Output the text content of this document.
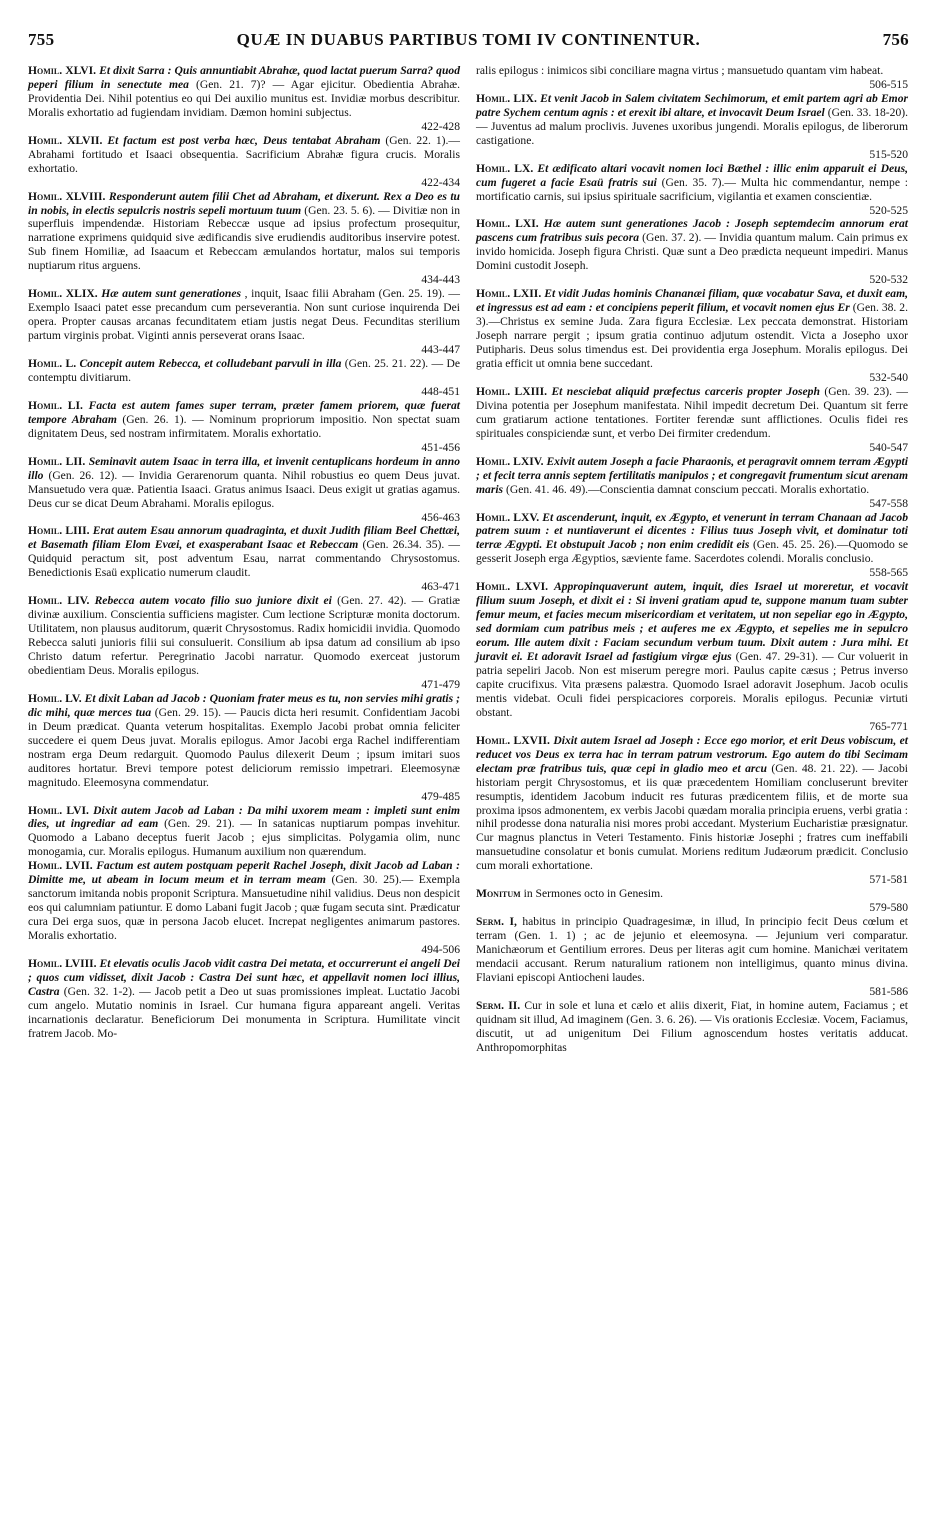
755	QUÆ IN DUABUS PARTIBUS TOMI IV CONTINENTUR.	756

Homil. XLVI. Et dixit Sarra : Quis annuntiabit Abrahæ, quod lactat puerum Sarra? quod peperi filium in senectute mea (Gen. 21. 7)? — Agar ejicitur. Obedientia Abrahæ. Providentia Dei. Nihil potentius eo qui Dei auxilio munitus est. Invidiæ morbus describitur. Moralis exhortatio ad fugiendam invidiam. Dæmon homini subjectus.
422-428

Homil. XLVII. Et factum est post verba hæc, Deus tentabat Abraham (Gen. 22. 1).— Abrahami fortitudo et Isaaci obsequentia. Sacrificium Abrahæ figura crucis. Moralis exhortatio.
422-434

Homil. XLVIII. Responderunt autem filii Chet ad Abraham, et dixerunt. Rex a Deo es tu in nobis, in electis sepulcris nostris sepeli mortuum tuum (Gen. 23. 5. 6). — Divitiæ non in superfluis impendendæ. Historiam Rebeccæ usque ad ipsius profectum prosequitur, narratione exprimens quidquid sive ædificandis sive erudiendis auditoribus inservire potest. Sub finem Homiliæ, ad Isaacum et Rebeccam æmulandos hortatur, malos sui temporis nuptiarum ritus arguens.
434-443

Homil. XLIX. Hæ autem sunt generationes , inquit, Isaac filii Abraham (Gen. 25. 19). — Exemplo Isaaci patet esse precandum cum perseverantia. Non sunt curiose inquirenda Dei opera. Propter causas arcanas fecunditatem etiam justis negat Deus. Fecunditas sterilium partum virginis probat. Viginti annis perseverat orans Isaac.
443-447

Homil. L. Concepit autem Rebecca, et colludebant parvuli in illa (Gen. 25. 21. 22). — De contemptu divitiarum.
448-451

Homil. LI. Facta est autem fames super terram, præter famem priorem, quæ fuerat tempore Abraham (Gen. 26. 1). — Nominum propriorum impositio. Non spectat suam dignitatem Deus, sed nostram infirmitatem. Moralis exhortatio.
451-456

Homil. LII. Seminavit autem Isaac in terra illa, et invenit centuplicans hordeum in anno illo (Gen. 26. 12). — Invidia Gerarenorum quanta. Nihil robustius eo quem Deus juvat. Mansuetudo vera quæ. Patientia Isaaci. Gratus animus Isaaci. Deus exigit ut gratias agamus. Deus cur se dicat Deum Abrahami. Moralis epilogus.
456-463

Homil. LIII. Erat autem Esau annorum quadraginta, et duxit Judith filiam Beel Chettæi, et Basemath filiam Elom Evæi, et exasperabant Isaac et Rebeccam (Gen. 26.34. 35). — Quidquid peractum sit, post adventum Esau, narrat commentando Chrysostomus. Benedictionis Esaü explicatio numerum claudit.
463-471

Homil. LIV. Rebecca autem vocato filio suo juniore dixit ei (Gen. 27. 42). — Gratiæ divinæ auxilium. Conscientia sufficiens magister. Cum lectione Scripturæ monita doctorum. Utilitatem, non plausus auditorum, quærit Chrysostomus. Radix homicidii invidia. Quomodo Rebecca saluti junioris filii sui consuluerit. Consilium ab ipsa datum ad consilium ab ipso Christo datum refertur. Peregrinatio Jacobi narratur. Quomodo exerceat justorum obedientiam Deus. Moralis epilogus.
471-479

Homil. LV. Et dixit Laban ad Jacob : Quoniam frater meus es tu, non servies mihi gratis ; dic mihi, quæ merces tua (Gen. 29. 15). — Paucis dicta heri resumit. Confidentiam Jacobi in Deum prædicat. Quanta veterum hospitalitas. Exemplo Jacobi probat omnia feliciter succedere ei quem Deus juvat. Moralis epilogus. Amor Jacobi erga Rachel indifferentiam nostram erga Deum redarguit. Quomodo Paulus dilexerit Deum ; ipsum imitari suos auditores hortatur. Brevi tempore potest deliciorum remissio impetrari. Eleemosynæ magnitudo. Eleemosyna commendatur.
479-485

Homil. LVI. Dixit autem Jacob ad Laban : Da mihi uxorem meam : impleti sunt enim dies, ut ingrediar ad eam (Gen. 29. 21). — In satanicas nuptiarum pompas invehitur. Quomodo a Labano deceptus fuerit Jacob ; ejus simplicitas. Polygamia olim, nunc monogamia, cur. Moralis epilogus. Humanum auxilium non quærendum.

Homil. LVII. Factum est autem postquam peperit Rachel Joseph, dixit Jacob ad Laban : Dimitte me, ut abeam in locum meum et in terram meam (Gen. 30. 25).— Exempla sanctorum imitanda nobis proponit Scriptura. Mansuetudine nihil validius. Deus non despicit eos qui calumniam patiuntur. E domo Labani fugit Jacob ; quæ fugam secuta sint. Prædicatur cura Dei erga suos, quæ in persona Jacob elucet. Increpat negligentes animarum pastores. Moralis exhortatio.
494-506

Homil. LVIII. Et elevatis oculis Jacob vidit castra Dei metata, et occurrerunt ei angeli Dei ; quos cum vidisset, dixit Jacob : Castra Dei sunt hæc, et appellavit nomen loci illius, Castra (Gen. 32. 1-2). — Jacob petit a Deo ut suas promissiones impleat. Luctatio Jacobi cum angelo. Mutatio nominis in Israel. Cur humana figura appareant angeli. Veritas incarnationis declaratur. Beneficiorum Dei monumenta in Scriptura. Humilitate vincit fratrem Jacob. Mo-

ralis epilogus : inimicos sibi conciliare magna virtus ; mansuetudo quantam vim habeat.
506-515

Homil. LIX. Et venit Jacob in Salem civitatem Sechimorum, et emit partem agri ab Emor patre Sychem centum agnis : et erexit ibi altare, et invocavit Deum Israel (Gen. 33. 18-20). — Juventus ad malum proclivis. Juvenes uxoribus jungendi. Moralis epilogus, de liberorum castigatione.
515-520

Homil. LX. Et ædificato altari vocavit nomen loci Bæthel : illic enim apparuit ei Deus, cum fugeret a facie Esaü fratris sui (Gen. 35. 7).— Multa hic commendantur, nempe : mortificatio carnis, sui ipsius spirituale sacrificium, vigilantia et examen conscientiæ.
520-525

Homil. LXI. Hæ autem sunt generationes Jacob : Joseph septemdecim annorum erat pascens cum fratribus suis pecora (Gen. 37. 2). — Invidia quantum malum. Cain primus ex invido homicida. Joseph figura Christi. Quæ sunt a Deo prædicta nequeunt impediri. Manus Domini custodit Joseph.
520-532

Homil. LXII. Et vidit Judas hominis Chananæi filiam, quæ vocabatur Sava, et duxit eam, et ingressus est ad eam : et concipiens peperit filium, et vocavit nomen ejus Er (Gen. 38. 2. 3).—Christus ex semine Juda. Zara figura Ecclesiæ. Lex peccata demonstrat. Historiam Joseph narrare pergit ; ipsum gratia continuo adjutum ostendit. Victa a Josepho uxor Putipharis. Deus solus timendus est. Dei providentia erga Josephum. Moralis epilogus. Dei gratia efficit ut omnia bene succedant.
532-540

Homil. LXIII. Et nesciebat aliquid præfectus carceris propter Joseph (Gen. 39. 23). — Divina potentia per Josephum manifestata. Nihil impedit decretum Dei. Quantum sit ferre cum gratiarum actione tentationes. Fortiter ferendæ sunt afflictiones. Oculis fidei res spirituales conspiciendæ sunt, et verbo Dei firmiter credendum.
540-547

Homil. LXIV. Exivit autem Joseph a facie Pharaonis, et peragravit omnem terram Ægypti ; et fecit terra annis septem fertilitatis manipulos ; et congregavit frumentum sicut arenam maris (Gen. 41. 46. 49).—Conscientia damnat conscium peccati. Moralis exhortatio.
547-558

Homil. LXV. Et ascenderunt, inquit, ex Ægypto, et venerunt in terram Chanaan ad Jacob patrem suum : et nuntiaverunt ei dicentes : Filius tuus Joseph vivit, et dominatur toti terræ Ægypti. Et obstupuit Jacob ; non enim credidit eis (Gen. 45. 25. 26).—Quomodo se gesserit Joseph erga Ægyptios, sæviente fame. Sacerdotes colendi. Moralis conclusio.
558-565

Homil. LXVI. Appropinquaverunt autem, inquit, dies Israel ut moreretur, et vocavit filium suum Joseph, et dixit ei : Si inveni gratiam apud te, suppone manum tuam subter femur meum, et facies mecum misericordiam et veritatem, ut non sepeliar ego in Ægypto, sed dormiam cum patribus meis ; et auferes me ex Ægypto, et sepelies me in sepulcro eorum. Ille autem dixit : Faciam secundum verbum tuum. Dixit autem : Jura mihi. Et juravit ei. Et adoravit Israel ad fastigium virgæ ejus (Gen. 47. 29-31). — Cur voluerit in patria sepeliri Jacob. Non est miserum peregre mori. Paulus capite cæsus ; Petrus inverso capite crucifixus. Vita præsens palæstra. Quomodo Israel adoravit Josephum. Jacob oculis mentis videbat. Oculi fidei perspicaciores corporeis. Moralis epilogus. Pecuniæ virtuti obstant.
765-771

Homil. LXVII. Dixit autem Israel ad Joseph : Ecce ego morior, et erit Deus vobiscum, et reducet vos Deus ex terra hac in terram patrum vestrorum. Ego autem do tibi Secimam electam præ fratribus tuis, quæ cepi in gladio meo et arcu (Gen. 48. 21. 22). — Jacobi historiam pergit Chrysostomus, et iis quæ præcedentem Homiliam concluserunt breviter resumptis, identidem Jacobum inducit res futuras prædicentem filiis, et de morte sua proxima ipsos admonentem, ex verbis Jacobi quædam moralia principia eruens, verbi gratia : nihil prodesse dona naturalia nisi mores probi accedant. Mysterium Eucharistiæ præsignatur. Cur magnus planctus in Veteri Testamento. Finis historiæ Josephi ; fratres cum ineffabili mansuetudine consolatur et bonis cumulat. Moriens reditum Judæorum prædicit. Conclusio cum morali exhortatione.
571-581

Monitum in Sermones octo in Genesim.
579-580

Serm. I, habitus in principio Quadragesimæ, in illud, In principio fecit Deus cœlum et terram (Gen. 1. 1) ; ac de jejunio et eleemosyna. — Jejunium veri comparatur. Manichæorum et Gentilium errores. Deus per literas agit cum homine. Manichæi veritatem mendacii accusant. Rerum naturalium rationem non intelligimus, quanto minus divina. Flaviani episcopi Antiocheni laudes.
581-586

Serm. II. Cur in sole et luna et cælo et aliis dixerit, Fiat, in homine autem, Faciamus ; et quidnam sit illud, Ad imaginem (Gen. 3. 6. 26). — Vis orationis Ecclesiæ. Vocem, Faciamus, discutit, ut ad unigenitum Dei Filium agnoscendum hostes veritatis adducat. Anthropomorphitas
